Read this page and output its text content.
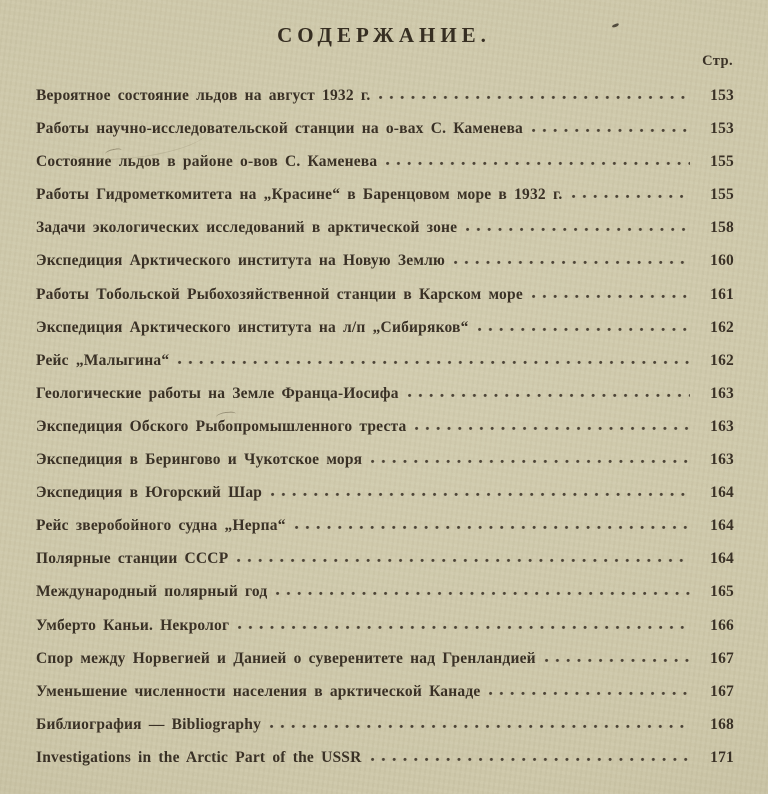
СОДЕРЖАНИЕ.
Стр.
Вероятное состояние льдов на август 1932 г.	153
Работы научно-исследовательской станции на о-вах С. Каменева	153
Состояние льдов в районе о-вов С. Каменева	155
Работы Гидрометкомитета на „Красине“ в Баренцовом море в 1932 г.	155
Задачи экологических исследований в арктической зоне	158
Экспедиция Арктического института на Новую Землю	160
Работы Тобольской Рыбохозяйственной станции в Карском море	161
Экспедиция Арктического института на л/п „Сибиряков“	162
Рейс „Малыгина“	162
Геологические работы на Земле Франца-Иосифа	163
Экспедиция Обского Рыбопромышленного треста	163
Экспедиция в Берингово и Чукотское моря	163
Экспедиция в Югорский Шар	164
Рейс зверобойного судна „Нерпа“	164
Полярные станции СССР	164
Международный полярный год	165
Умберто Каньи. Некролог	166
Спор между Норвегией и Данией о суверенитете над Гренландией	167
Уменьшение численности населения в арктической Канаде	167
Библиография — Bibliography	168
Investigations in the Arctic Part of the USSR	171
